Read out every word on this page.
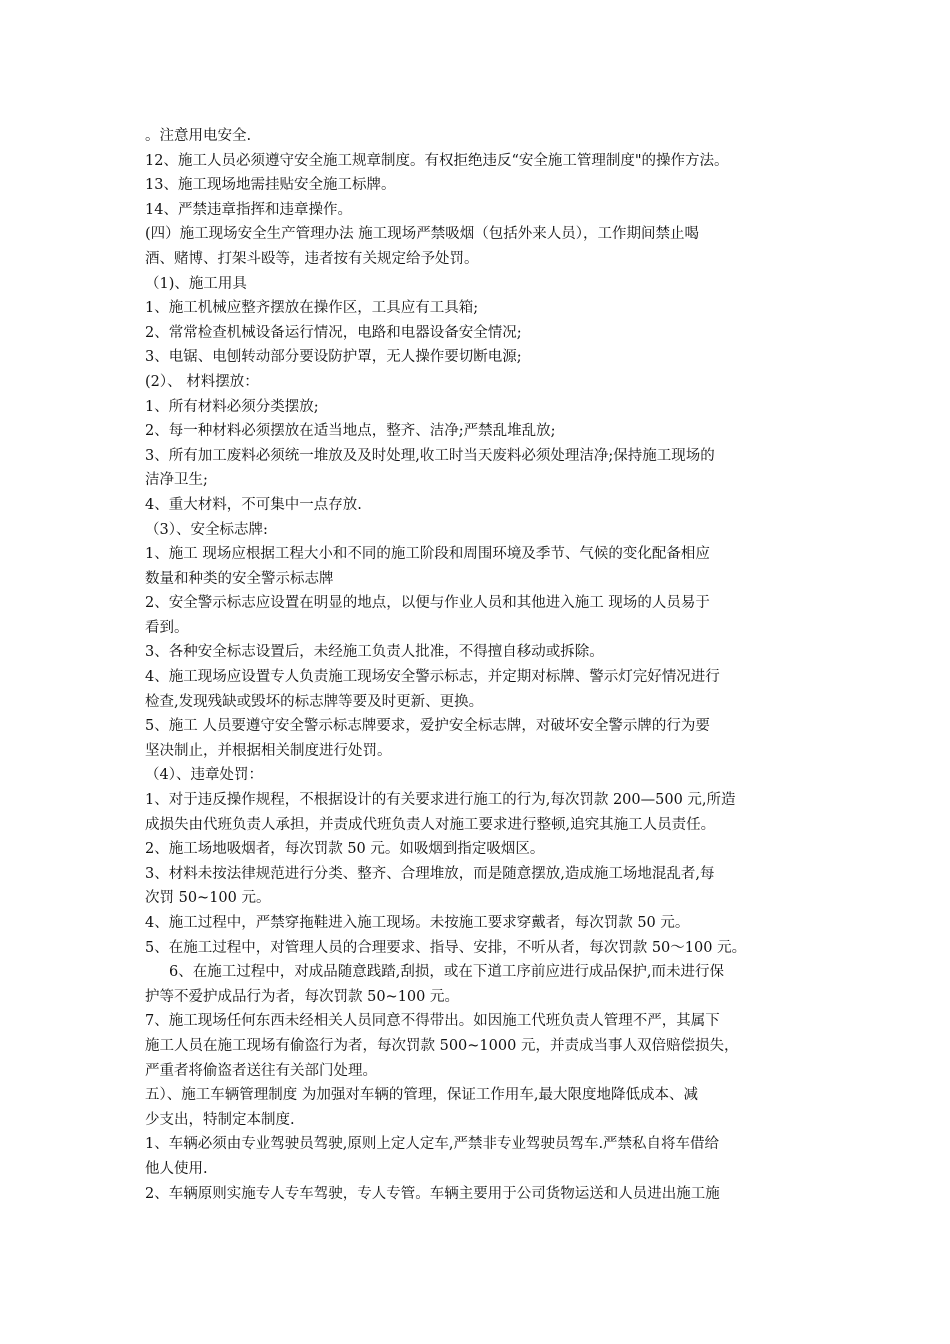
。注意用电安全.
12、施工人员必须遵守安全施工规章制度。有权拒绝违反“安全施工管理制度"的操作方法。
13、施工现场地需挂贴安全施工标牌。
14、严禁违章指挥和违章操作。
(四）施工现场安全生产管理办法 施工现场严禁吸烟（包括外来人员），工作期间禁止喝
酒、赌博、打架斗殴等，违者按有关规定给予处罚。
（1)、施工用具
1、施工机械应整齐摆放在操作区，工具应有工具箱;
2、常常检查机械设备运行情况，电路和电器设备安全情况;
3、电锯、电刨转动部分要设防护罩，无人操作要切断电源;
(2）、 材料摆放：
1、所有材料必须分类摆放;
2、每一种材料必须摆放在适当地点，整齐、洁净;严禁乱堆乱放;
3、所有加工废料必须统一堆放及及时处理,收工时当天废料必须处理洁净;保持施工现场的
洁净卫生;
4、重大材料，不可集中一点存放.
（3）、安全标志牌:
1、施工 现场应根据工程大小和不同的施工阶段和周围环境及季节、气候的变化配备相应
数量和种类的安全警示标志牌
2、安全警示标志应设置在明显的地点，以便与作业人员和其他进入施工 现场的人员易于
看到。
3、各种安全标志设置后，未经施工负责人批准，不得擅自移动或拆除。
4、施工现场应设置专人负责施工现场安全警示标志，并定期对标牌、警示灯完好情况进行
检查,发现残缺或毁坏的标志牌等要及时更新、更换。
5、施工 人员要遵守安全警示标志牌要求，爱护安全标志牌，对破坏安全警示牌的行为要
坚决制止，并根据相关制度进行处罚。
（4）、违章处罚：
1、对于违反操作规程，不根据设计的有关要求进行施工的行为,每次罚款 200—500 元,所造
成损失由代班负责人承担，并责成代班负责人对施工要求进行整顿,追究其施工人员责任。
2、施工场地吸烟者，每次罚款 50 元。如吸烟到指定吸烟区。
3、材料未按法律规范进行分类、整齐、合理堆放，而是随意摆放,造成施工场地混乱者,每
次罚 50~100 元。
4、施工过程中，严禁穿拖鞋进入施工现场。未按施工要求穿戴者，每次罚款 50 元。
5、在施工过程中，对管理人员的合理要求、指导、安排，不听从者，每次罚款 50～100 元。
6、在施工过程中，对成品随意践踏,刮损，或在下道工序前应进行成品保护,而未进行保
护等不爱护成品行为者，每次罚款 50~100 元。
7、施工现场任何东西未经相关人员同意不得带出。如因施工代班负责人管理不严，其属下
施工人员在施工现场有偷盗行为者，每次罚款 500~1000 元，并责成当事人双倍赔偿损失，
严重者将偷盗者送往有关部门处理。
五）、施工车辆管理制度 为加强对车辆的管理，保证工作用车,最大限度地降低成本、减
少支出，特制定本制度.
1、车辆必须由专业驾驶员驾驶,原则上定人定车,严禁非专业驾驶员驾车.严禁私自将车借给
他人使用.
2、车辆原则实施专人专车驾驶，专人专管。车辆主要用于公司货物运送和人员进出施工施
